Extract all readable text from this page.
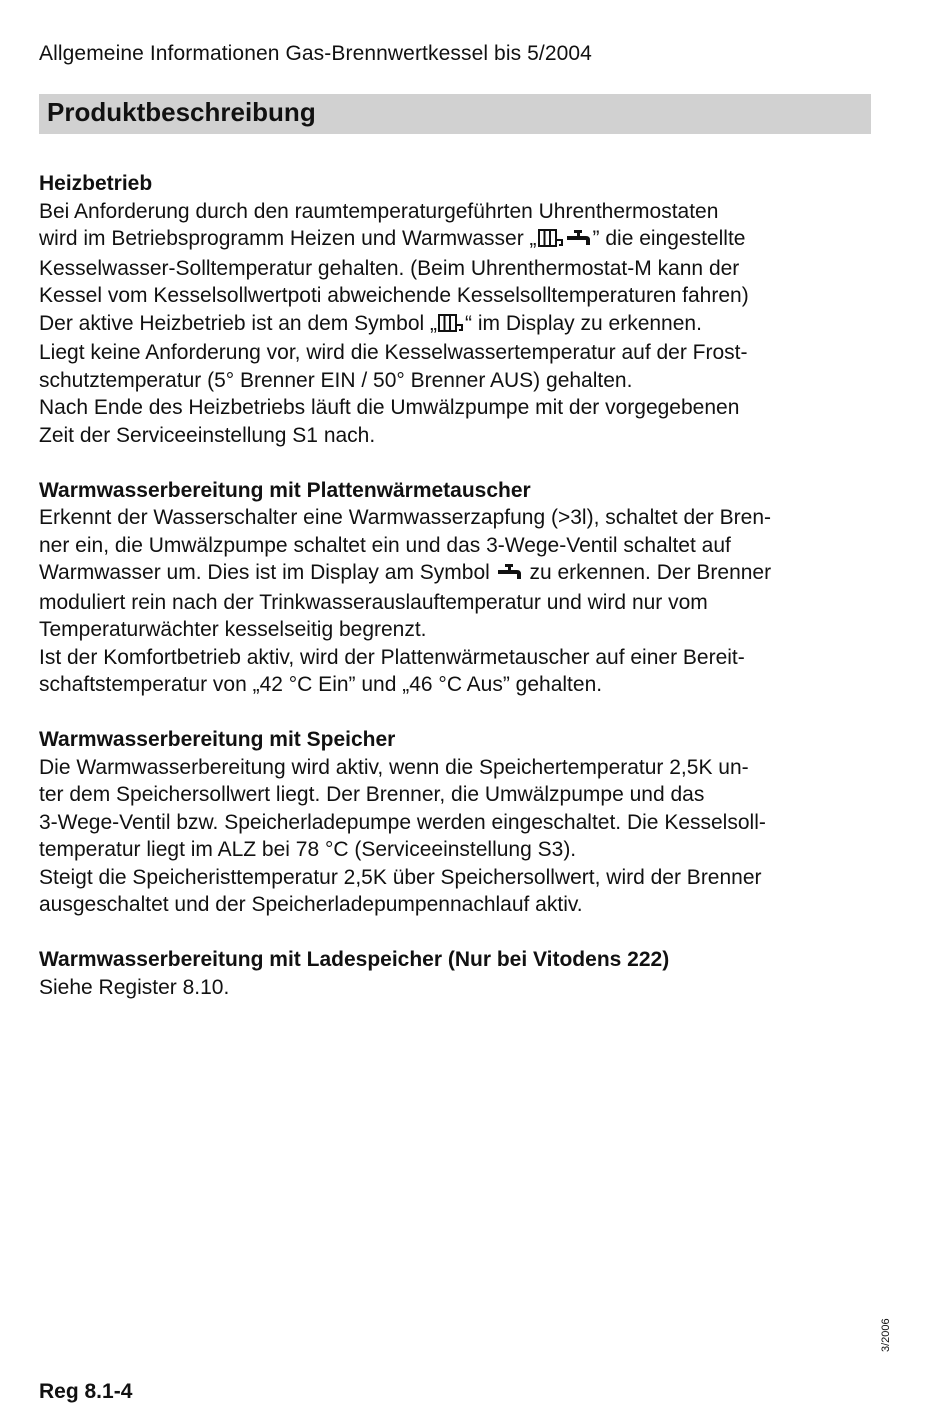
Allgemeine Informationen Gas-Brennwertkessel bis 5/2004
Produktbeschreibung
Heizbetrieb
Bei Anforderung durch den raumtemperaturgeführten Uhrenthermostaten
wird im Betriebsprogramm Heizen und Warmwasser „	” die eingestellte
Kesselwasser-Solltemperatur gehalten. (Beim Uhrenthermostat-M kann der
Kessel vom Kesselsollwertpoti abweichende Kesselsolltemperaturen fahren)
Der aktive Heizbetrieb ist an dem Symbol „ “ im Display zu erkennen.
Liegt keine Anforderung vor, wird die Kesselwassertemperatur auf der Frost-
schutztemperatur (5° Brenner EIN / 50° Brenner AUS) gehalten.
Nach Ende des Heizbetriebs läuft die Umwälzpumpe mit der vorgegebenen
Zeit der Serviceeinstellung S1 nach.
Warmwasserbereitung mit Plattenwärmetauscher
Erkennt der Wasserschalter eine Warmwasserzapfung (>3l), schaltet der Bren-
ner ein, die Umwälzpumpe schaltet ein und das 3-Wege-Ventil schaltet auf
Warmwasser um. Dies ist im Display am Symbol  zu erkennen. Der Brenner
moduliert rein nach der Trinkwasserauslauftemperatur und wird nur vom
Temperaturwächter kesselseitig begrenzt.
Ist der Komfortbetrieb aktiv, wird der Plattenwärmetauscher auf einer Bereit-
schaftstemperatur von „42 °C Ein” und „46 °C Aus” gehalten.
Warmwasserbereitung mit Speicher
Die Warmwasserbereitung wird aktiv, wenn die Speichertemperatur 2,5K un-
ter dem Speichersollwert liegt. Der Brenner, die Umwälzpumpe und das
3-Wege-Ventil bzw. Speicherladepumpe werden eingeschaltet. Die Kesselsoll-
temperatur liegt im ALZ bei 78 °C (Serviceeinstellung S3).
Steigt die Speicheristtemperatur 2,5K über Speichersollwert, wird der Brenner
ausgeschaltet und der Speicherladepumpennachlauf aktiv.
Warmwasserbereitung mit Ladespeicher (Nur bei Vitodens 222)
Siehe Register 8.10.
3/2006
Reg 8.1-4
